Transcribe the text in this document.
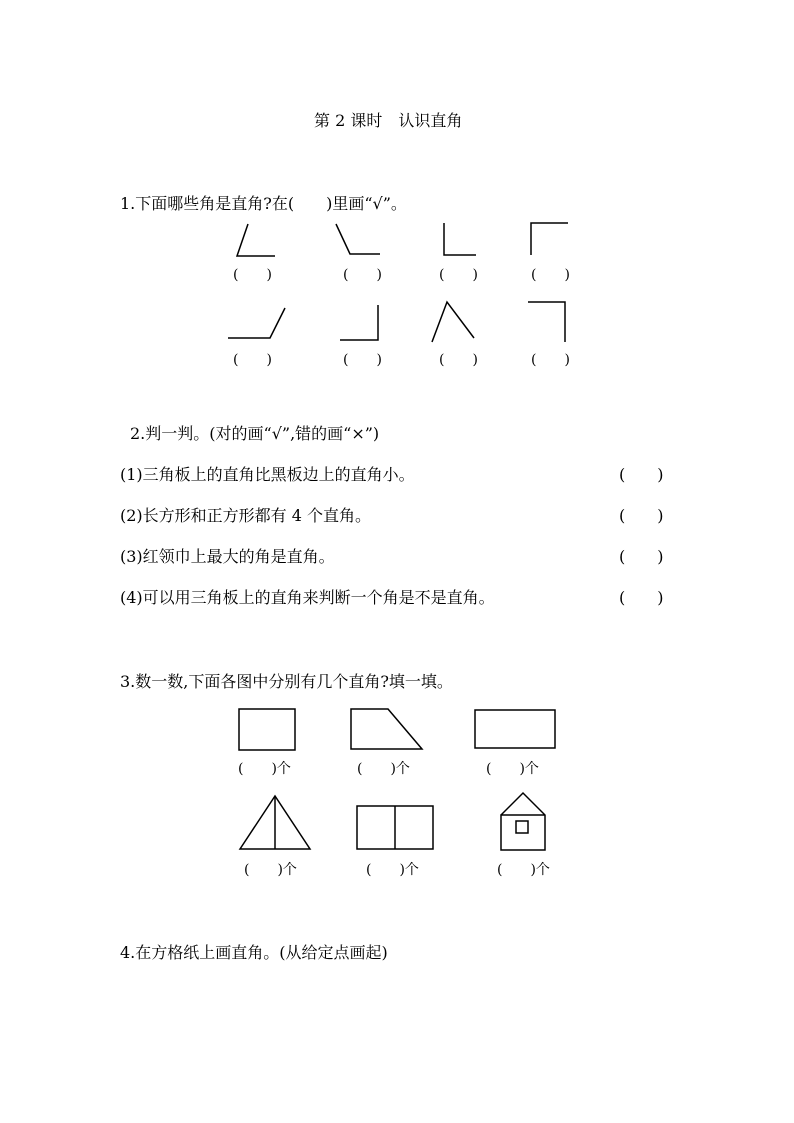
第 2 课时　认识直角
1.下面哪些角是直角?在(　　)里画“√”。
(　　)	(　　)	(　　)	(　　)
(　　)	(　　)	(　　)	(　　)
2.判一判。(对的画“√”,错的画“×”)
(1)三角板上的直角比黑板边上的直角小。	(　　)
(2)长方形和正方形都有 4 个直角。	(　　)
(3)红领巾上最大的角是直角。	(　　)
(4)可以用三角板上的直角来判断一个角是不是直角。	(　　)
3.数一数,下面各图中分别有几个直角?填一填。
(　　)个	(　　)个	(　　)个
(　　)个	(　　)个	(　　)个
4.在方格纸上画直角。(从给定点画起)
